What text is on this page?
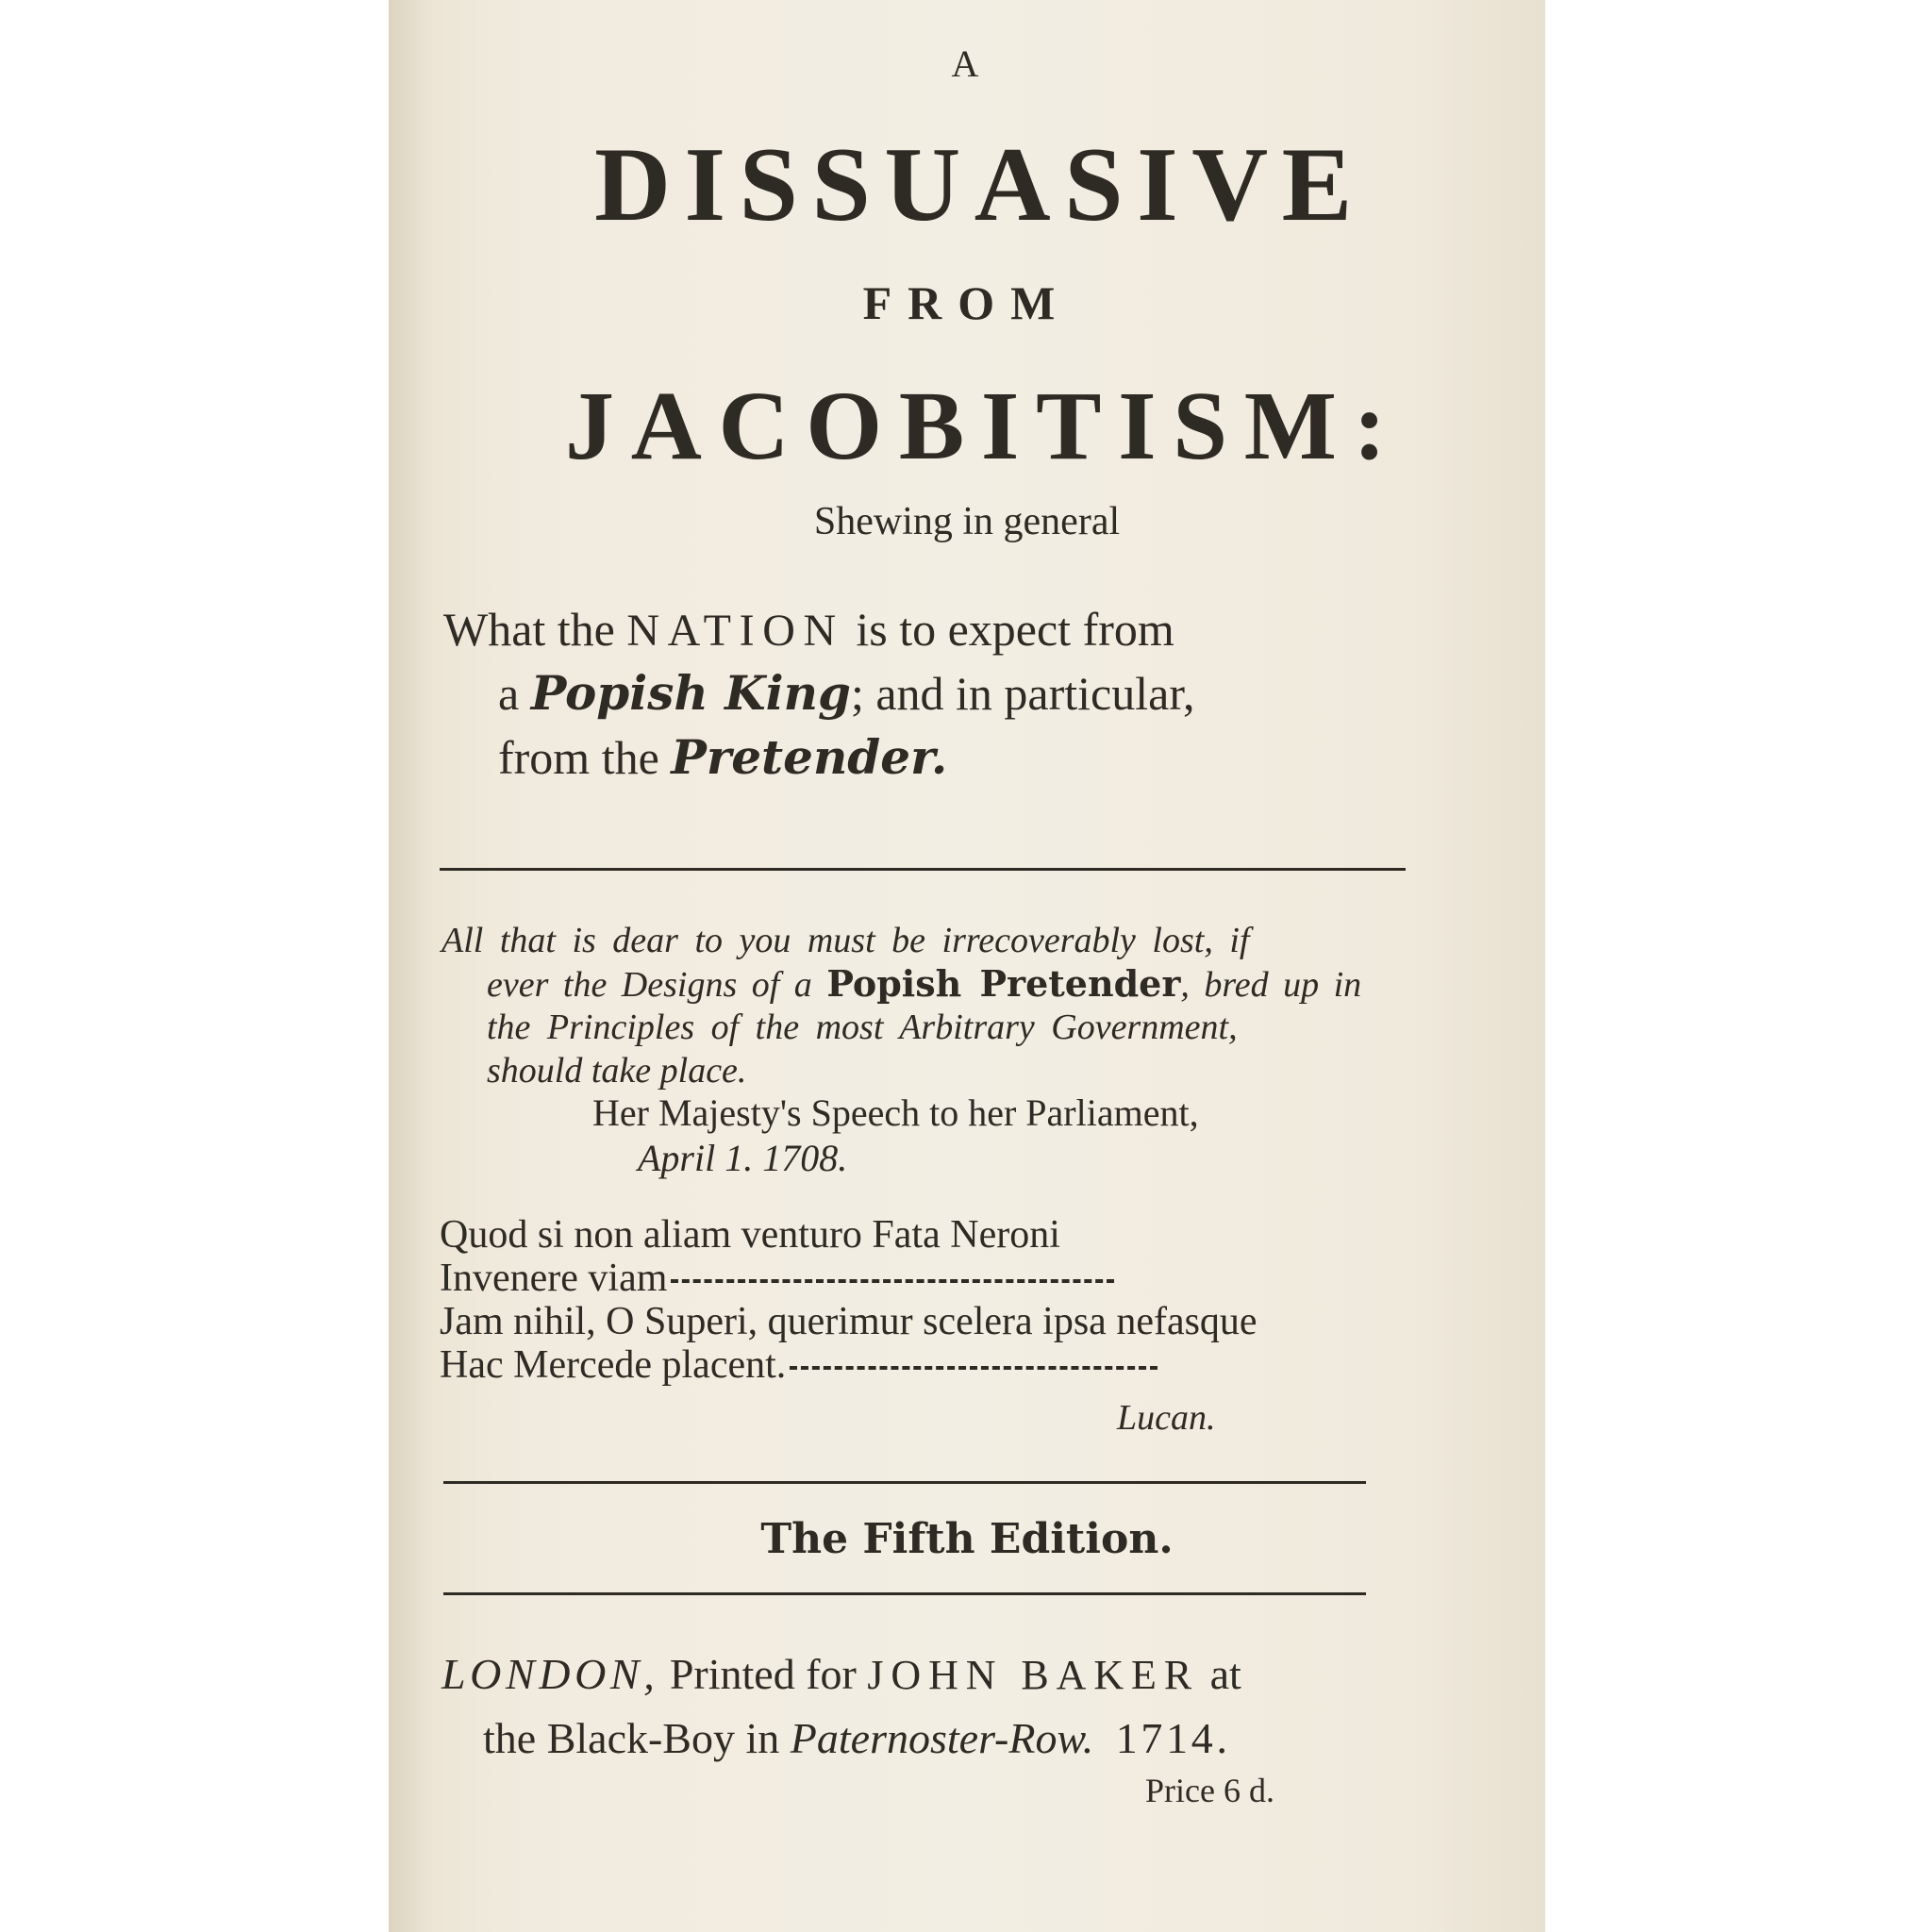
A
DISSUASIVE
FROM
JACOBITISM:
Shewing in general
What the NATION is to expect from
a Popish King; and in particular,
from the Pretender.
All that is dear to you must be irrecoverably lost, if
ever the Designs of a Popish Pretender, bred up in
the Principles of the most Arbitrary Government,
should take place.
Her Majesty's Speech to her Parliament,
April 1. 1708.
Quod si non aliam venturo Fata Neroni
Invenere viam
Jam nihil, O Superi, querimur scelera ipsa nefasque
Hac Mercede placent.
Lucan.
The Fifth Edition.
LONDON, Printed for JOHN BAKER at
the Black-Boy in Paternoster-Row. 1714.
Price 6 d.
